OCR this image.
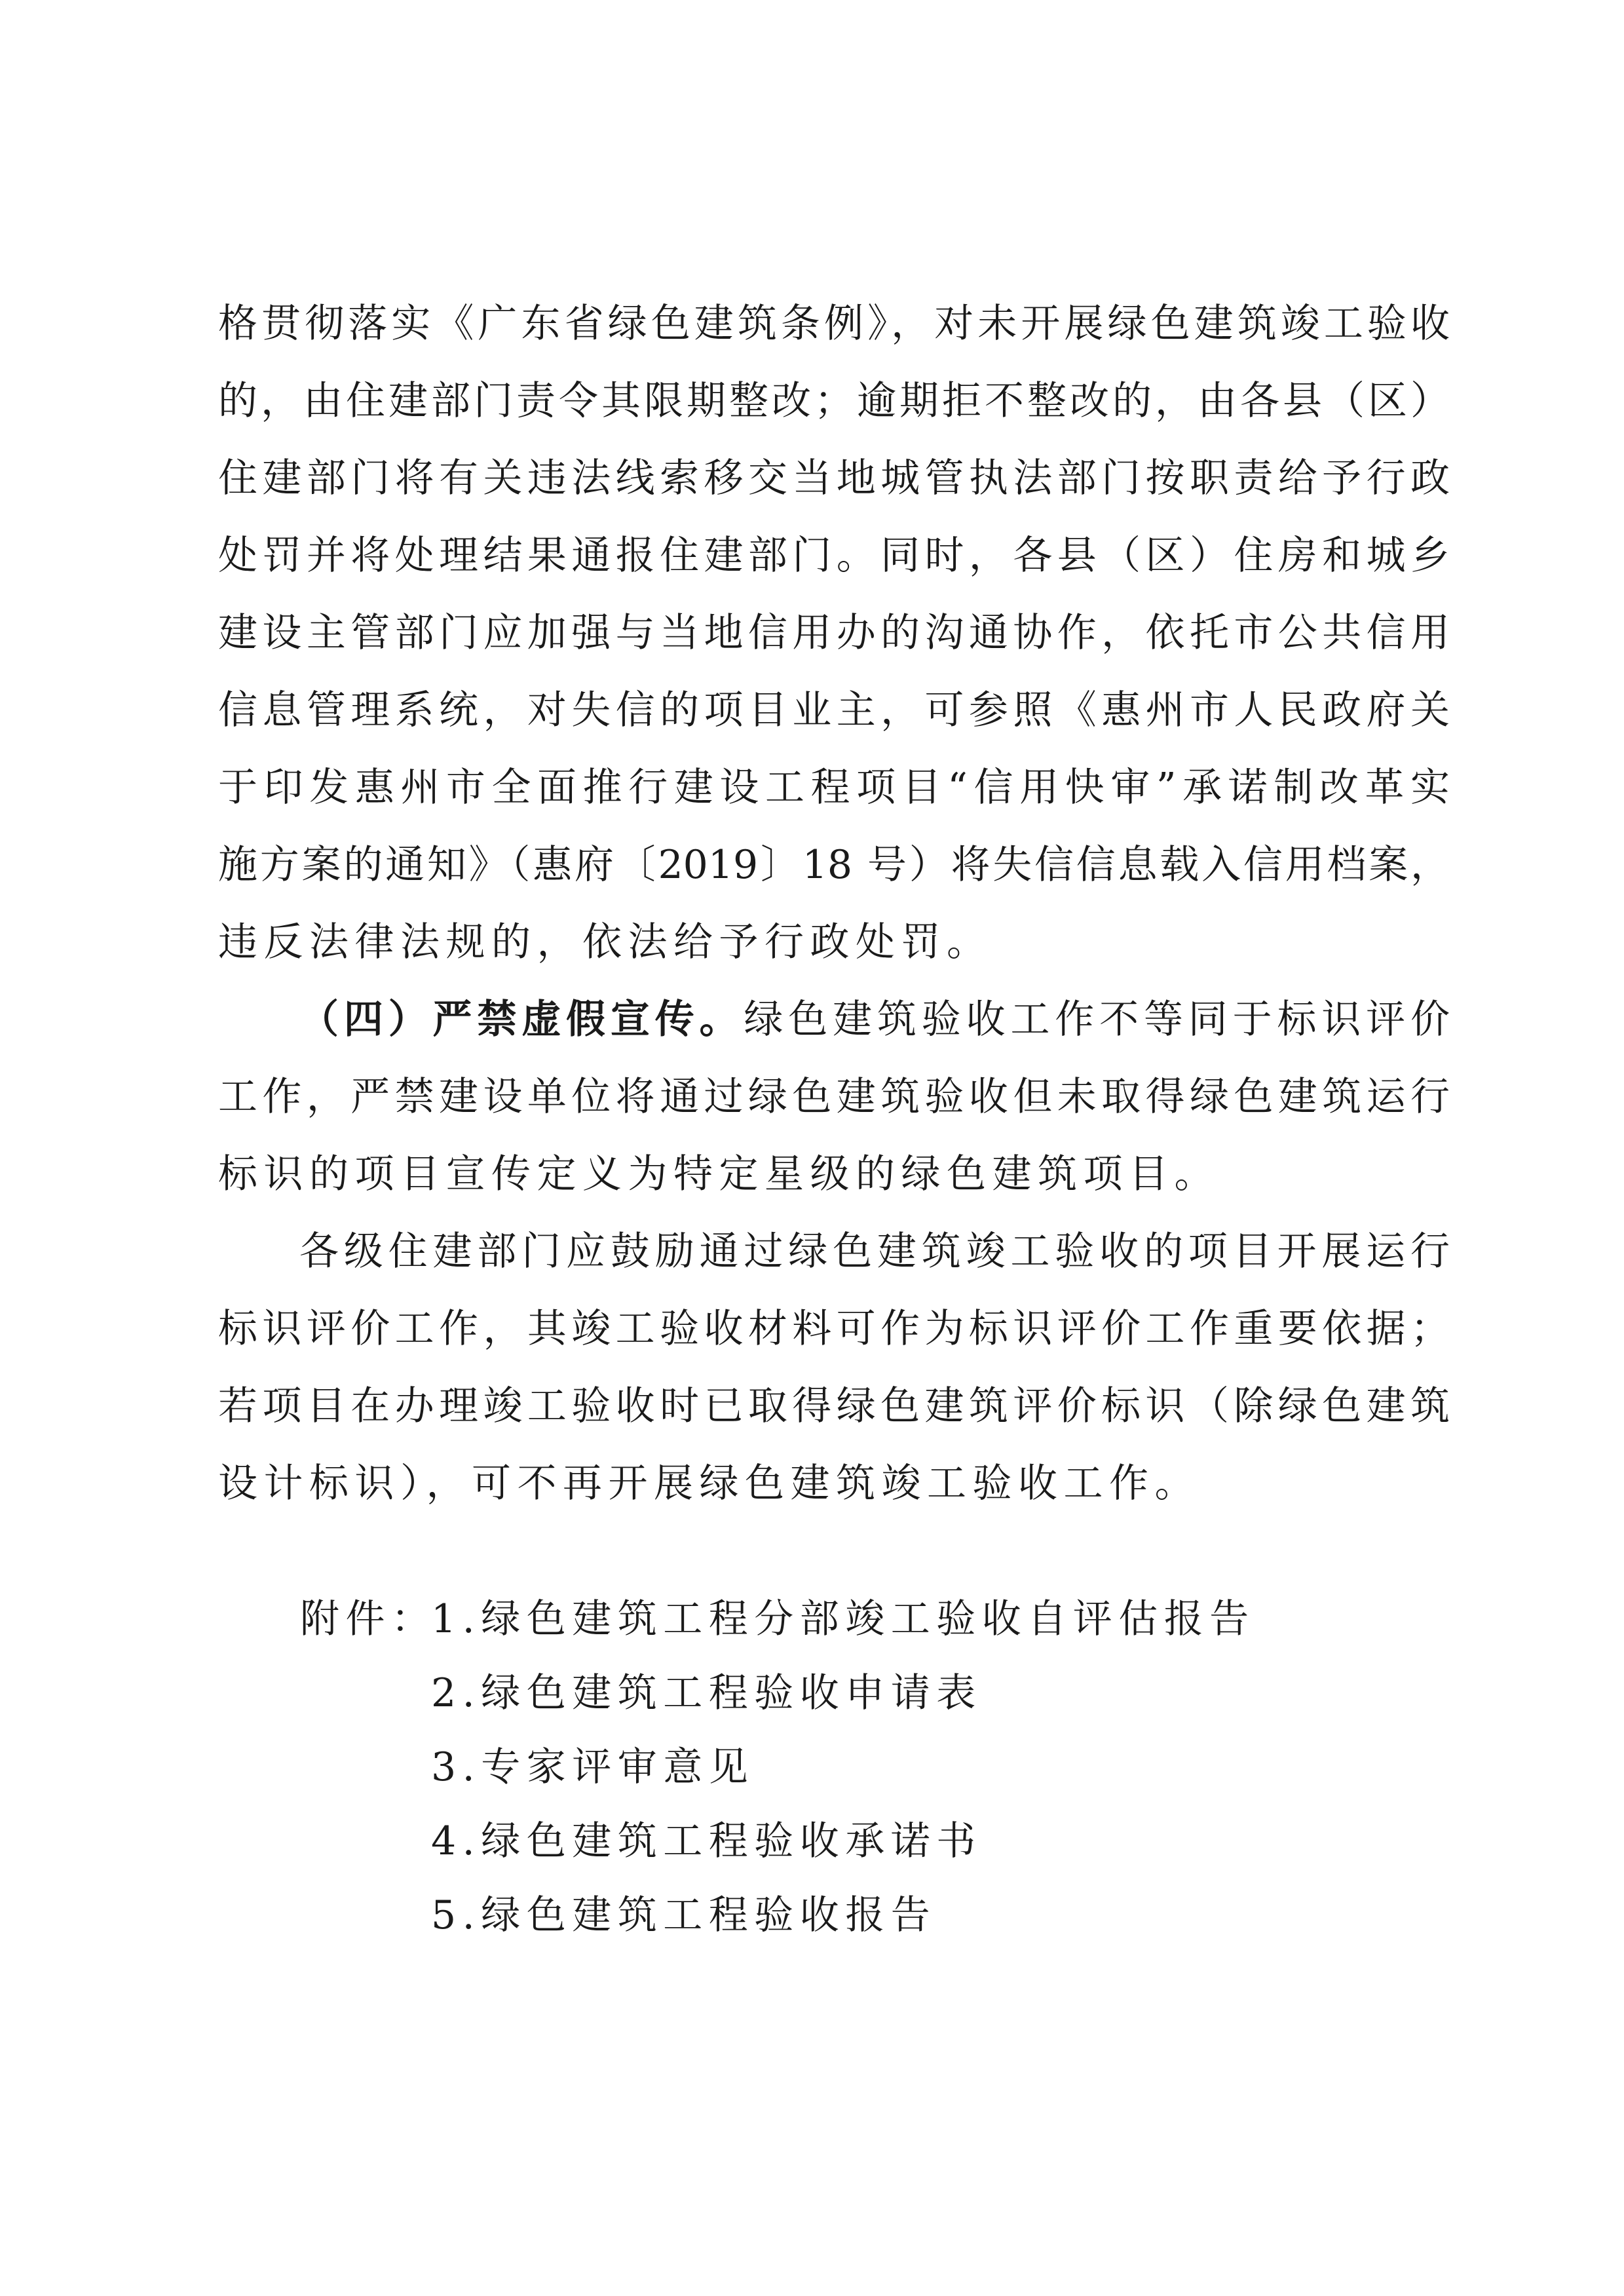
格贯彻落实《广东省绿色建筑条例》，对未开展绿色建筑竣工验收
的，由住建部门责令其限期整改；逾期拒不整改的，由各县（区）
住建部门将有关违法线索移交当地城管执法部门按职责给予行政
处罚并将处理结果通报住建部门。同时，各县（区）住房和城乡
建设主管部门应加强与当地信用办的沟通协作，依托市公共信用
信息管理系统，对失信的项目业主，可参照《惠州市人民政府关
于印发惠州市全面推行建设工程项目“信用快审”承诺制改革实
施方案的通知》（惠府〔2019〕18 号）将失信信息载入信用档案，
违反法律法规的，依法给予行政处罚。
（四）严禁虚假宣传。绿色建筑验收工作不等同于标识评价
工作，严禁建设单位将通过绿色建筑验收但未取得绿色建筑运行
标识的项目宣传定义为特定星级的绿色建筑项目。
各级住建部门应鼓励通过绿色建筑竣工验收的项目开展运行
标识评价工作，其竣工验收材料可作为标识评价工作重要依据；
若项目在办理竣工验收时已取得绿色建筑评价标识（除绿色建筑
设计标识），可不再开展绿色建筑竣工验收工作。
附件：1.绿色建筑工程分部竣工验收自评估报告
2.绿色建筑工程验收申请表
3.专家评审意见
4.绿色建筑工程验收承诺书
5.绿色建筑工程验收报告
